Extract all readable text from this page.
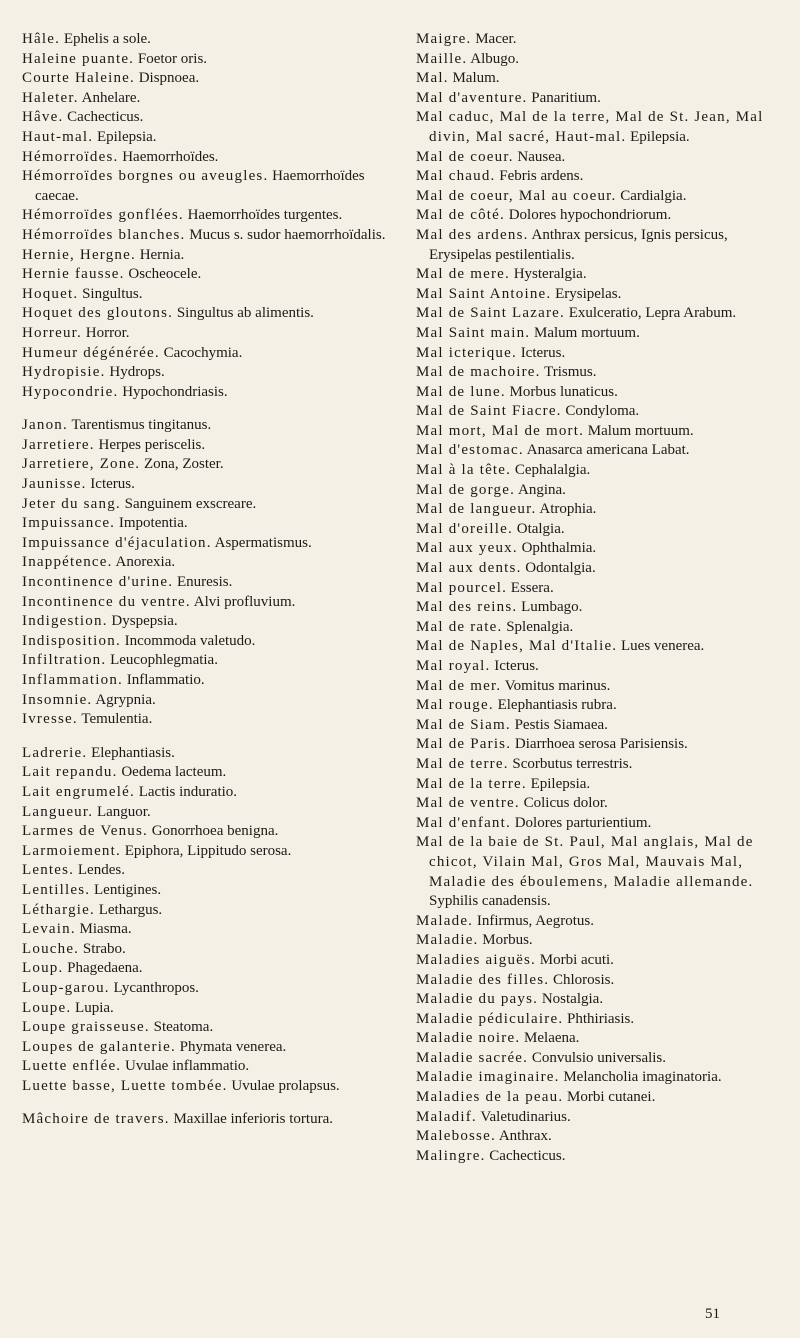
Hâle. Ephelis a sole.

Haleine puante. Foetor oris.

Courte Haleine. Dispnoea.

Haleter. Anhelare.

Hâve. Cachecticus.

Haut-mal. Epilepsia.

Hémorroïdes. Haemorrhoïdes.

Hémorroïdes borgnes ou aveugles. Haemorrhoïdes caecae.

Hémorroïdes gonflées. Haemorrhoïdes turgentes.

Hémorroïdes blanches. Mucus s. sudor haemorrhoïdalis.

Hernie, Hergne. Hernia.

Hernie fausse. Oscheocele.

Hoquet. Singultus.

Hoquet des gloutons. Singultus ab alimentis.

Horreur. Horror.

Humeur dégénérée. Cacochymia.

Hydropisie. Hydrops.

Hypocondrie. Hypochondriasis.

Janon. Tarentismus tingitanus.

Jarretiere. Herpes periscelis.

Jarretiere, Zone. Zona, Zoster.

Jaunisse. Icterus.

Jeter du sang. Sanguinem exscreare.

Impuissance. Impotentia.

Impuissance d'éjaculation. Aspermatismus.

Inappétence. Anorexia.

Incontinence d'urine. Enuresis.

Incontinence du ventre. Alvi profluvium.

Indigestion. Dyspepsia.

Indisposition. Incommoda valetudo.

Infiltration. Leucophlegmatia.

Inflammation. Inflammatio.

Insomnie. Agrypnia.

Ivresse. Temulentia.

Ladrerie. Elephantiasis.

Lait repandu. Oedema lacteum.

Lait engrumelé. Lactis induratio.

Langueur. Languor.

Larmes de Venus. Gonorrhoea benigna.

Larmoiement. Epiphora, Lippitudo serosa.

Lentes. Lendes.

Lentilles. Lentigines.

Léthargie. Lethargus.

Levain. Miasma.

Louche. Strabo.

Loup. Phagedaena.

Loup-garou. Lycanthropos.

Loupe. Lupia.

Loupe graisseuse. Steatoma.

Loupes de galanterie. Phymata venerea.

Luette enflée. Uvulae inflammatio.

Luette basse, Luette tombée. Uvulae prolapsus.

Mâchoire de travers. Maxillae inferioris tortura.

Maigre. Macer.

Maille. Albugo.

Mal. Malum.

Mal d'aventure. Panaritium.

Mal caduc, Mal de la terre, Mal de St. Jean, Mal divin, Mal sacré, Haut-mal. Epilepsia.

Mal de coeur. Nausea.

Mal chaud. Febris ardens.

Mal de coeur, Mal au coeur. Cardialgia.

Mal de côté. Dolores hypochondriorum.

Mal des ardens. Anthrax persicus, Ignis persicus, Erysipelas pestilentialis.

Mal de mere. Hysteralgia.

Mal Saint Antoine. Erysipelas.

Mal de Saint Lazare. Exulceratio, Lepra Arabum.

Mal Saint main. Malum mortuum.

Mal icterique. Icterus.

Mal de machoire. Trismus.

Mal de lune. Morbus lunaticus.

Mal de Saint Fiacre. Condyloma.

Mal mort, Mal de mort. Malum mortuum.

Mal d'estomac. Anasarca americana Labat.

Mal à la tête. Cephalalgia.

Mal de gorge. Angina.

Mal de langueur. Atrophia.

Mal d'oreille. Otalgia.

Mal aux yeux. Ophthalmia.

Mal aux dents. Odontalgia.

Mal pourcel. Essera.

Mal des reins. Lumbago.

Mal de rate. Splenalgia.

Mal de Naples, Mal d'Italie. Lues venerea.

Mal royal. Icterus.

Mal de mer. Vomitus marinus.

Mal rouge. Elephantiasis rubra.

Mal de Siam. Pestis Siamaea.

Mal de Paris. Diarrhoea serosa Parisiensis.

Mal de terre. Scorbutus terrestris.

Mal de la terre. Epilepsia.

Mal de ventre. Colicus dolor.

Mal d'enfant. Dolores parturientium.

Mal de la baie de St. Paul, Mal anglais, Mal de chicot, Vilain Mal, Gros Mal, Mauvais Mal, Maladie des éboulemens, Maladie allemande. Syphilis canadensis.

Malade. Infirmus, Aegrotus.

Maladie. Morbus.

Maladies aiguës. Morbi acuti.

Maladie des filles. Chlorosis.

Maladie du pays. Nostalgia.

Maladie pédiculaire. Phthiriasis.

Maladie noire. Melaena.

Maladie sacrée. Convulsio universalis.

Maladie imaginaire. Melancholia imaginatoria.

Maladies de la peau. Morbi cutanei.

Maladif. Valetudinarius.

Malebosse. Anthrax.

Malingre. Cachecticus.

51
